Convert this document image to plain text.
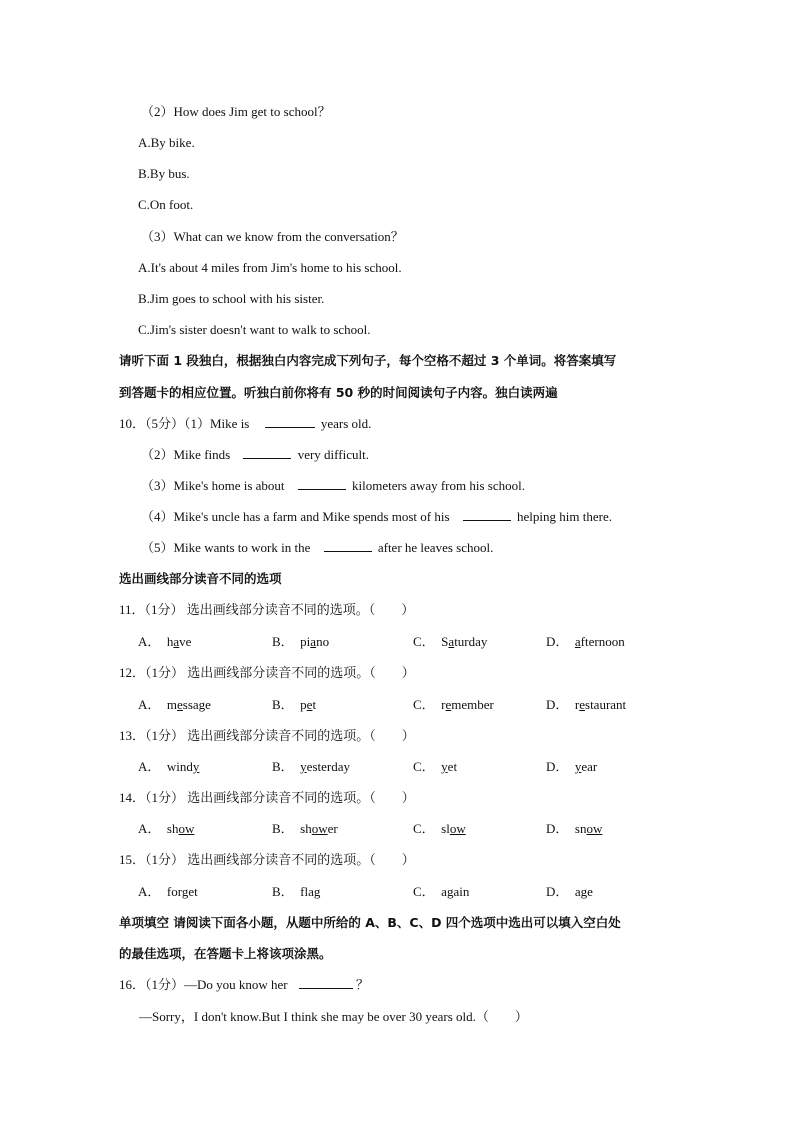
（2）How does Jim get to school？
A.By bike.
B.By bus.
C.On foot.
（3）What can we know from the conversation？
A.It's about 4 miles from Jim's home to his school.
B.Jim goes to school with his sister.
C.Jim's sister doesn't want to walk to school.
请听下面 1 段独白，根据独白内容完成下列句子，每个空格不超过 3 个单词。将答案填写
到答题卡的相应位置。听独白前你将有 50 秒的时间阅读句子内容。独白读两遍
10．（5分）（1）Mike is	years old.
（2）Mike finds	very difficult.
（3）Mike's home is about	kilometers away from his school.
（4）Mike's uncle has a farm and Mike spends most of his	helping him there.
（5）Mike wants to work in the	after he leaves school.
选出画线部分读音不同的选项
11．（1分） 选出画线部分读音不同的选项。（　　）
A． have	B． piano	C． Saturday	D． afternoon
12．（1分） 选出画线部分读音不同的选项。（　　）
A． message	B． pet	C． remember	D． restaurant
13．（1分） 选出画线部分读音不同的选项。（　　）
A． windy	B． yesterday	C． yet	D． year
14．（1分） 选出画线部分读音不同的选项。（　　）
A． show	B． shower	C． slow	D． snow
15．（1分） 选出画线部分读音不同的选项。（　　）
A． forget	B． flag	C． again	D． age
单项填空 请阅读下面各小题，从题中所给的 A、B、C、D 四个选项中选出可以填入空白处
的最佳选项，在答题卡上将该项涂黑。
16．（1分）—Do you know her	？
—Sorry，I don't know.But I think she may be over 30 years old.（　　）
